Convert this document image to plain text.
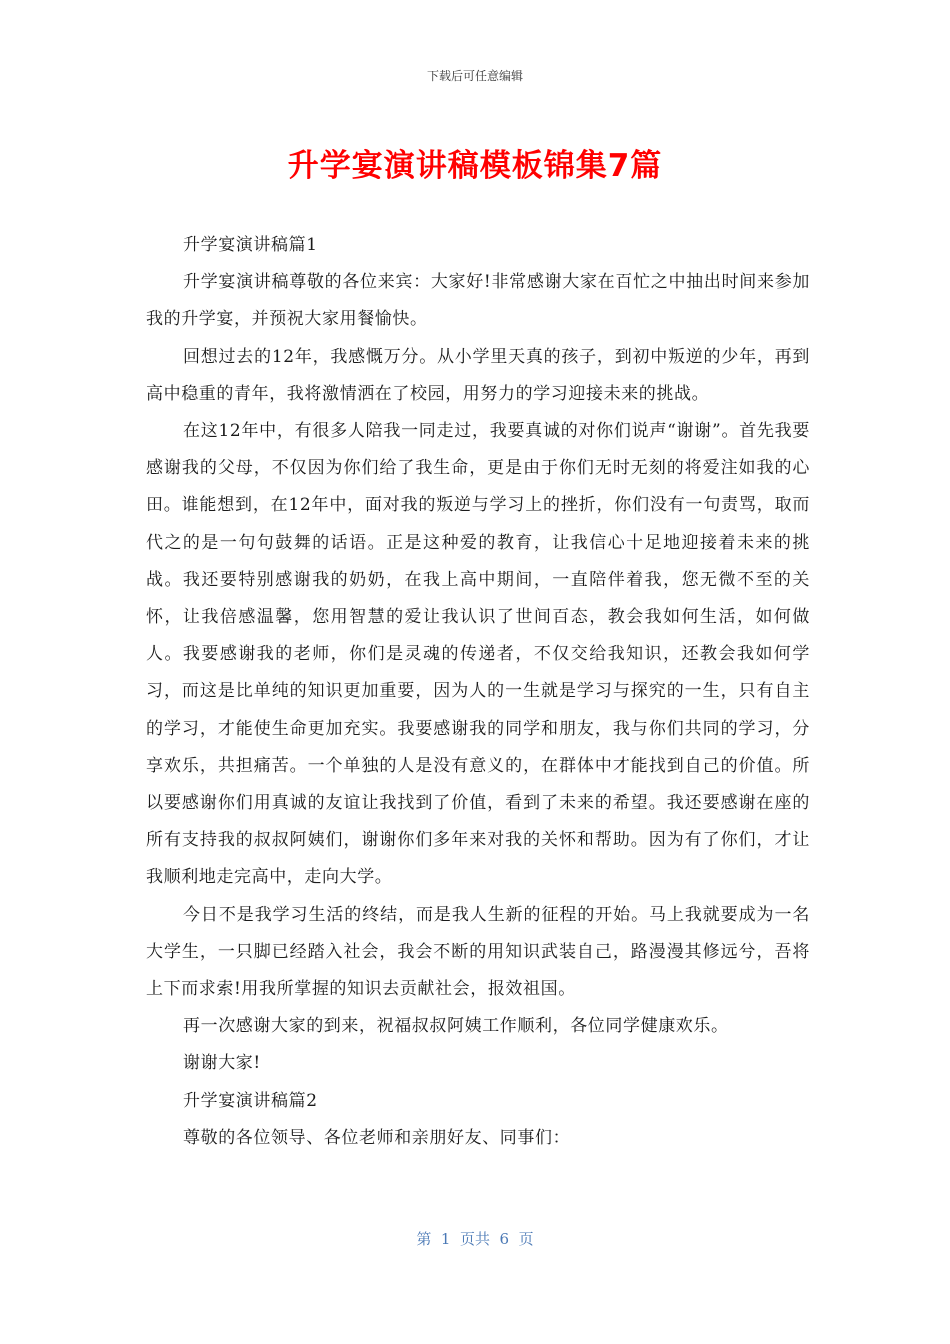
下载后可任意编辑
升学宴演讲稿模板锦集7篇

升学宴演讲稿篇1

升学宴演讲稿尊敬的各位来宾：大家好!非常感谢大家在百忙之中抽出时间来参加我的升学宴，并预祝大家用餐愉快。

回想过去的12年，我感慨万分。从小学里天真的孩子，到初中叛逆的少年，再到高中稳重的青年，我将激情洒在了校园，用努力的学习迎接未来的挑战。

在这12年中，有很多人陪我一同走过，我要真诚的对你们说声“谢谢”。首先我要感谢我的父母，不仅因为你们给了我生命，更是由于你们无时无刻的将爱注如我的心田。谁能想到，在12年中，面对我的叛逆与学习上的挫折，你们没有一句责骂，取而代之的是一句句鼓舞的话语。正是这种爱的教育，让我信心十足地迎接着未来的挑战。我还要特别感谢我的奶奶，在我上高中期间，一直陪伴着我，您无微不至的关怀，让我倍感温馨，您用智慧的爱让我认识了世间百态，教会我如何生活，如何做人。我要感谢我的老师，你们是灵魂的传递者，不仅交给我知识，还教会我如何学习，而这是比单纯的知识更加重要，因为人的一生就是学习与探究的一生，只有自主的学习，才能使生命更加充实。我要感谢我的同学和朋友，我与你们共同的学习，分享欢乐，共担痛苦。一个单独的人是没有意义的，在群体中才能找到自己的价值。所以要感谢你们用真诚的友谊让我找到了价值，看到了未来的希望。我还要感谢在座的所有支持我的叔叔阿姨们，谢谢你们多年来对我的关怀和帮助。因为有了你们，才让我顺利地走完高中，走向大学。

今日不是我学习生活的终结，而是我人生新的征程的开始。马上我就要成为一名大学生，一只脚已经踏入社会，我会不断的用知识武装自己，路漫漫其修远兮，吾将上下而求索!用我所掌握的知识去贡献社会，报效祖国。

再一次感谢大家的到来，祝福叔叔阿姨工作顺利，各位同学健康欢乐。

谢谢大家!

升学宴演讲稿篇2

尊敬的各位领导、各位老师和亲朋好友、同事们：

第  1  页共  6  页
